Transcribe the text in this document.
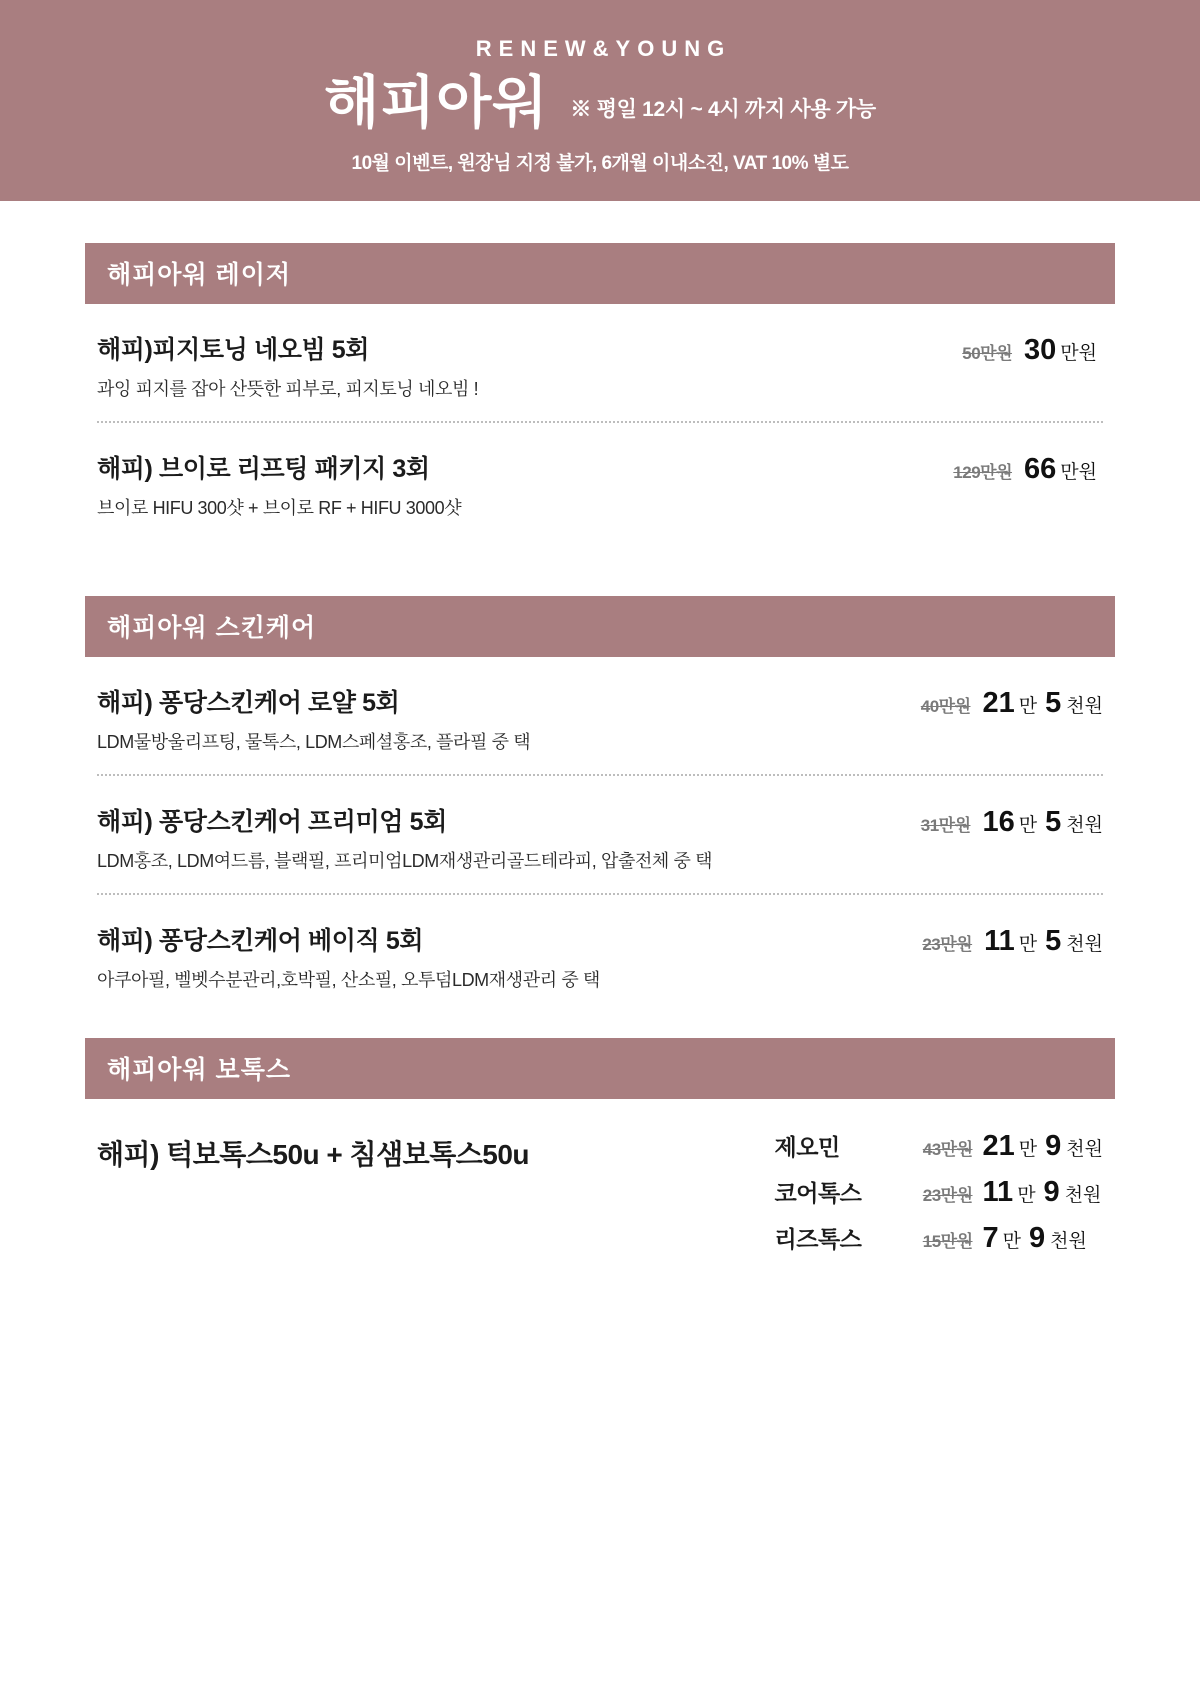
RENEW&YOUNG
해피아워 ※ 평일 12시 ~ 4시 까지 사용 가능
10월 이벤트, 원장님 지정 불가, 6개월 이내소진, VAT 10% 별도
해피아워 레이저
해피)피지토닝 네오빔 5회
과잉 피지를 잡아 산뜻한 피부로, 피지토닝 네오빔 !
50만원 30 만원
해피) 브이로 리프팅 패키지 3회
브이로 HIFU 300샷 + 브이로 RF + HIFU 3000샷
129만원 66 만원
해피아워 스킨케어
해피) 퐁당스킨케어 로얄 5회
LDM물방울리프팅, 물톡스, LDM스페셜홍조, 플라필 중 택
40만원 21 만 5 천원
해피) 퐁당스킨케어 프리미엄 5회
LDM홍조, LDM여드름, 블랙필, 프리미엄LDM재생관리골드테라피, 압출전체 중 택
31만원 16 만 5 천원
해피) 퐁당스킨케어 베이직 5회
아쿠아필, 벨벳수분관리,호박필, 산소필, 오투덤LDM재생관리 중 택
23만원 11 만 5 천원
해피아워 보톡스
해피) 턱보톡스50u + 침샘보톡스50u	제오민	43만원 21 만 9 천원
코어톡스	23만원 11 만 9 천원
리즈톡스	15만원 7 만 9 천원
